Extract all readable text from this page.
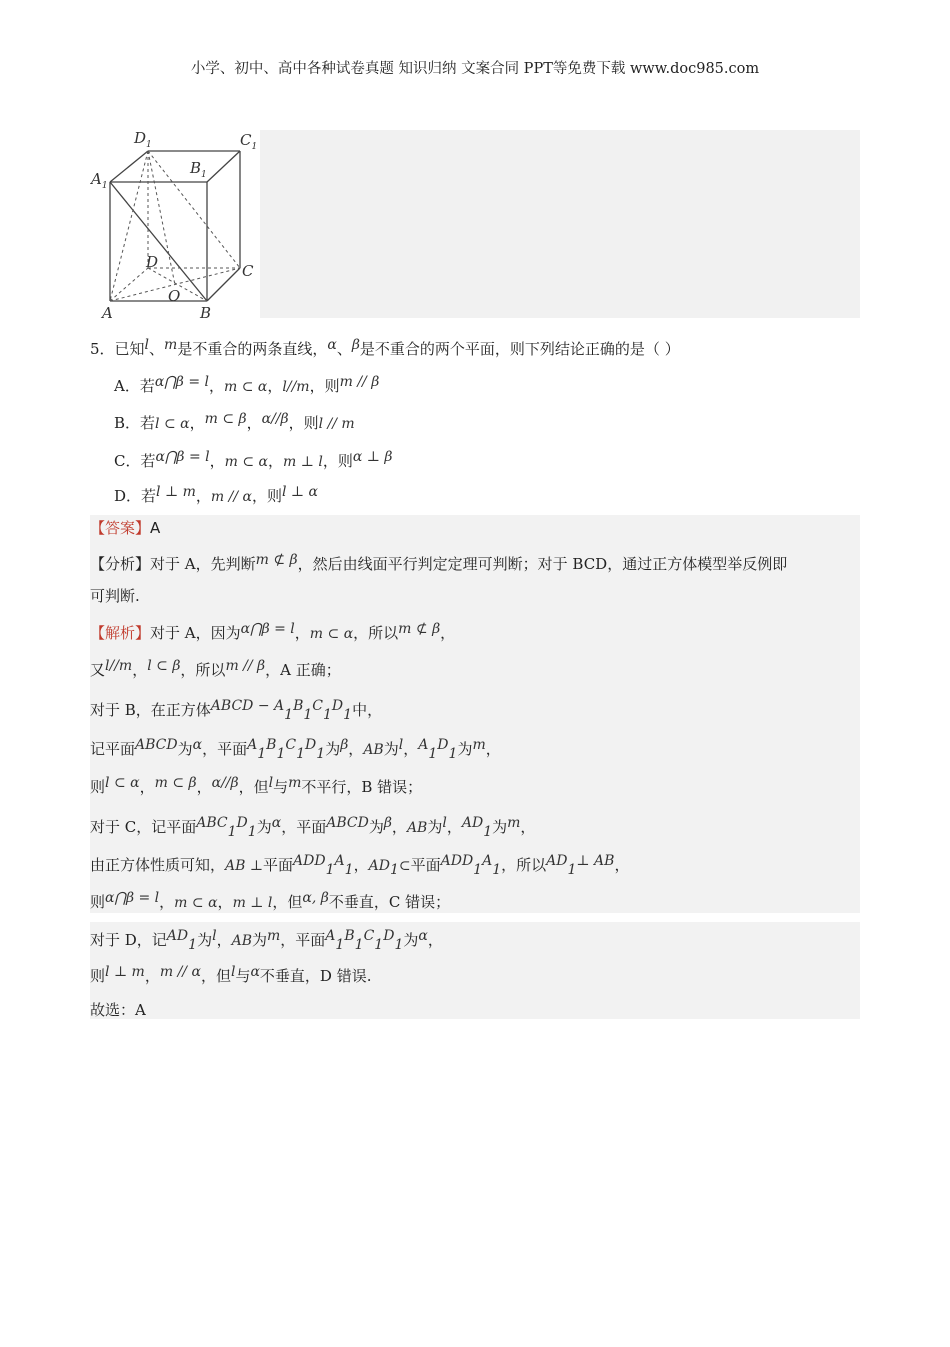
小学、初中、高中各种试卷真题 知识归纳 文案合同 PPT等免费下载 www.doc985.com
$D_1$	$C_1$
$A_1$
$B_1$
D	C
A
O
B
5．已知l、m是不重合的两条直线，α、β是不重合的两个平面，则下列结论正确的是（ ）
A．若α⋂β = l，m ⊂ α，l//m，则m // β
B．若l ⊂ α，m ⊂ β，α//β，则l // m
C．若α⋂β = l，m ⊂ α，m ⊥ l，则α ⊥ β
D．若l ⊥ m，m // α，则l ⊥ α
【答案】A
【分析】对于 A，先判断m ⊄ β，然后由线面平行判定定理可判断；对于 BCD，通过正方体模型举反例即
可判断.
【解析】对于 A，因为α⋂β = l，m ⊂ α，所以m ⊄ β，
又l//m，l ⊂ β，所以m // β，A 正确；
对于 B，在正方体ABCD − $A_1B_1C_1D_1$中，
记平面ABCD为α，平面$A_1B_1C_1D_1$为β，AB为l，$A_1D_1$为m，
则l ⊂ α，m ⊂ β，α//β，但l与m不平行，B 错误；
对于 C，记平面$ABC_1D_1$为α，平面ABCD为β，AB为l，$AD_1$为m，
由正方体性质可知，AB ⊥平面$ADD_1A_1$，$AD_1\subset$平面$ADD_1A_1$，所以$AD_1\perp$ AB，
则α⋂β = l，m ⊂ α，m ⊥ l，但α, β不垂直，C 错误；
对于 D，记$AD_1$为l，AB为m，平面$A_1B_1C_1D_1$为α，
则l ⊥ m，m // α，但l与α不垂直，D 错误.
故选：A
